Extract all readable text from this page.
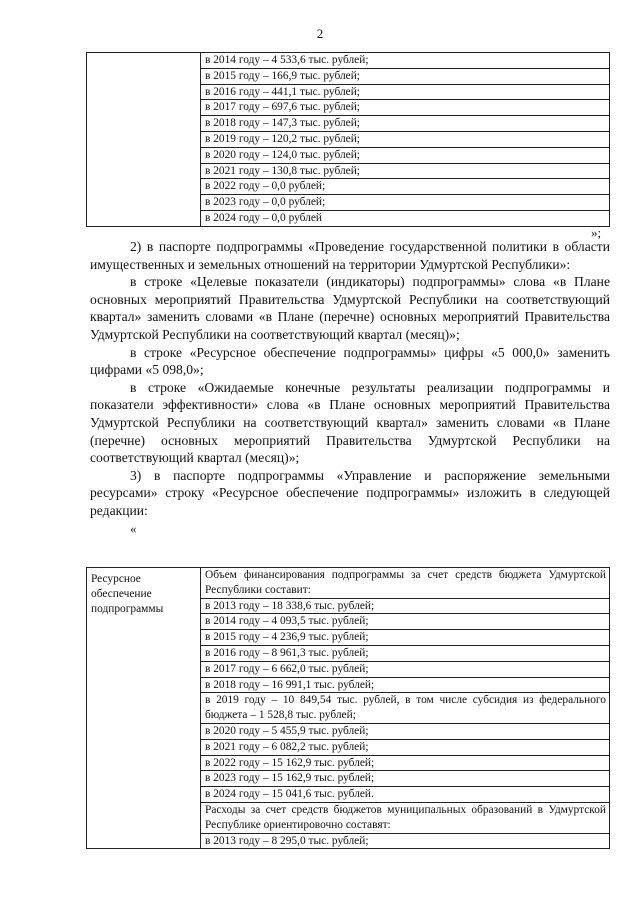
2

в 2014 году – 4 533,6 тыс. рублей;
в 2015 году – 166,9 тыс. рублей;
в 2016 году – 441,1 тыс. рублей;
в 2017 году – 697,6 тыс. рублей;
в 2018 году – 147,3 тыс. рублей;
в 2019 году – 120,2 тыс. рублей;
в 2020 году – 124,0 тыс. рублей;
в 2021 году – 130,8 тыс. рублей;
в 2022 году – 0,0 рублей;
в 2023 году – 0,0 рублей;
в 2024 году – 0,0 рублей
»;

2) в паспорте подпрограммы «Проведение государственной политики в области имущественных и земельных отношений на территории Удмуртской Республики»:

в строке «Целевые показатели (индикаторы) подпрограммы» слова «в Плане основных мероприятий Правительства Удмуртской Республики на соответствующий квартал» заменить словами «в Плане (перечне) основных мероприятий Правительства Удмуртской Республики на соответствующий квартал (месяц)»;

в строке «Ресурсное обеспечение подпрограммы» цифры «5 000,0» заменить цифрами «5 098,0»;

в строке «Ожидаемые конечные результаты реализации подпрограммы и показатели эффективности» слова «в Плане основных мероприятий Правительства Удмуртской Республики на соответствующий квартал» заменить словами «в Плане (перечне) основных мероприятий Правительства Удмуртской Республики на соответствующий квартал (месяц)»;

3) в паспорте подпрограммы «Управление и распоряжение земельными ресурсами» строку «Ресурсное обеспечение подпрограммы» изложить в следующей редакции:

«
Ресурсное обеспечение подпрограммы

Объем финансирования подпрограммы за счет средств бюджета Удмуртской Республики составит:
в 2013 году – 18 338,6 тыс. рублей;
в 2014 году – 4 093,5 тыс. рублей;
в 2015 году – 4 236,9 тыс. рублей;
в 2016 году – 8 961,3 тыс. рублей;
в 2017 году – 6 662,0 тыс. рублей;
в 2018 году – 16 991,1 тыс. рублей;
в 2019 году – 10 849,54 тыс. рублей, в том числе субсидия из федерального бюджета – 1 528,8 тыс. рублей;
в 2020 году – 5 455,9 тыс. рублей;
в 2021 году – 6 082,2 тыс. рублей;
в 2022 году – 15 162,9 тыс. рублей;
в 2023 году – 15 162,9 тыс. рублей;
в 2024 году – 15 041,6 тыс. рублей.
Расходы за счет средств бюджетов муниципальных образований в Удмуртской Республике ориентировочно составят:
в 2013 году – 8 295,0 тыс. рублей;
